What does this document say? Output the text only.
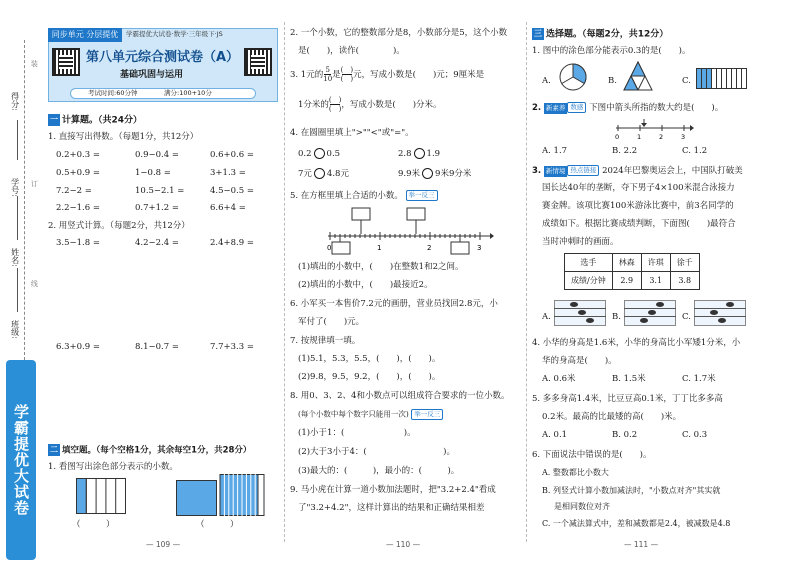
得分:
学号:
姓名:
班级:
装
订
线
学霸提优大试卷
同步单元 分层提优	学霸提优大试卷·数学·三年级下·JS
第八单元综合测试卷（A）
基础巩固与运用
考试时间:60分钟	满分:100+10分
一 计算题。（共24分）
1. 直接写出得数。（每题1分，共12分）
0.2+0.3 =	0.9−0.4 =	0.6+0.6 =
0.5+0.9 =	1−0.8 =	3+1.3 =
7.2−2 =	10.5−2.1 =	4.5−0.5 =
2.2−1.6 =	0.7+1.2 =	6.6+4 =
2. 用竖式计算。（每题2分，共12分）
3.5−1.8 =	4.2−2.4 =	2.4+8.9 =
6.3+0.9 =	8.1−0.7 =	7.7+3.3 =
二 填空题。（每个空格1分，其余每空1分，共28分）
1. 看图写出涂色部分表示的小数。
（　　　）	（　　　）
— 109 —
2. 一个小数，它的整数部分是8，小数部分是5，这个小数
是(　　)，读作(　　　　)。
3. 1元的 $\frac{5}{10}$ 是 $\frac{( )}{( )}$ 元，写成小数是(　　)元；9厘米是
1分米的 $\frac{( )}{( )}$ ，写成小数是(　　)分米。
4. 在圆圈里填上">""<"或"="。
0.2 0.5	2.8 1.9
7元 4.8元	9.9米 9米9分米
5. 在方框里填上合适的小数。 举一反三
0	1	2	3
(1)填出的小数中，(　　)在整数1和2之间。
(2)填出的小数中，(　　)最接近2。
6. 小军买一本售价7.2元的画册，营业员找回2.8元，小
军付了(　　)元。
7. 按规律填一填。
(1)5.1，5.3，5.5，(　　)，(　　)。
(2)9.8，9.5，9.2，(　　)，(　　)。
8. 用0、3、2、4和小数点可以组成符合要求的一位小数。
(每个小数中每个数字只能用一次) 举一反三
(1)小于1：(　　　　　　　)。
(2)大于3小于4：(　　　　　　　　　)。
(3)最大的：(　　　)，最小的：(　　　)。
9. 马小虎在计算一道小数加法题时，把"3.2+2.4"看成
了"3.2+4.2"，这样计算出的结果和正确结果相差
— 110 —
三 选择题。（每题2分，共12分）
1. 图中的涂色部分能表示0.3的是(　　)。
A.	B.	C.
2. 新素养 数感 下图中箭头所指的数大约是(　　)。
0	1	2	3
A. 1.7	B. 2.2	C. 1.2
3. 新情境 热点链接 2024年巴黎奥运会上，中国队打破美
国长达40年的垄断，夺下男子4×100米混合泳接力
赛金牌。该项比赛100米游泳比赛中，前3名同学的
成绩如下。根据比赛成绩判断，下面图(　　)最符合
当时冲刺时的画面。
选手	林森	许琪	徐千
成绩/分钟	2.9	3.1	3.8
A.	B.	C.
4. 小华的身高是1.6米，小华的身高比小军矮1分米，小
华的身高是(　　)。
A. 0.6米	B. 1.5米	C. 1.7米
5. 多多身高1.4米，比豆豆高0.1米，丁丁比多多高
0.2米。最高的比最矮的高(　　)米。
A. 0.1	B. 0.2	C. 0.3
6. 下面说法中错误的是(　　)。
A. 整数都比小数大
B. 列竖式计算小数加减法时，"小数点对齐"其实就
是相同数位对齐
C. 一个减法算式中，差和减数都是2.4，被减数是4.8
— 111 —
